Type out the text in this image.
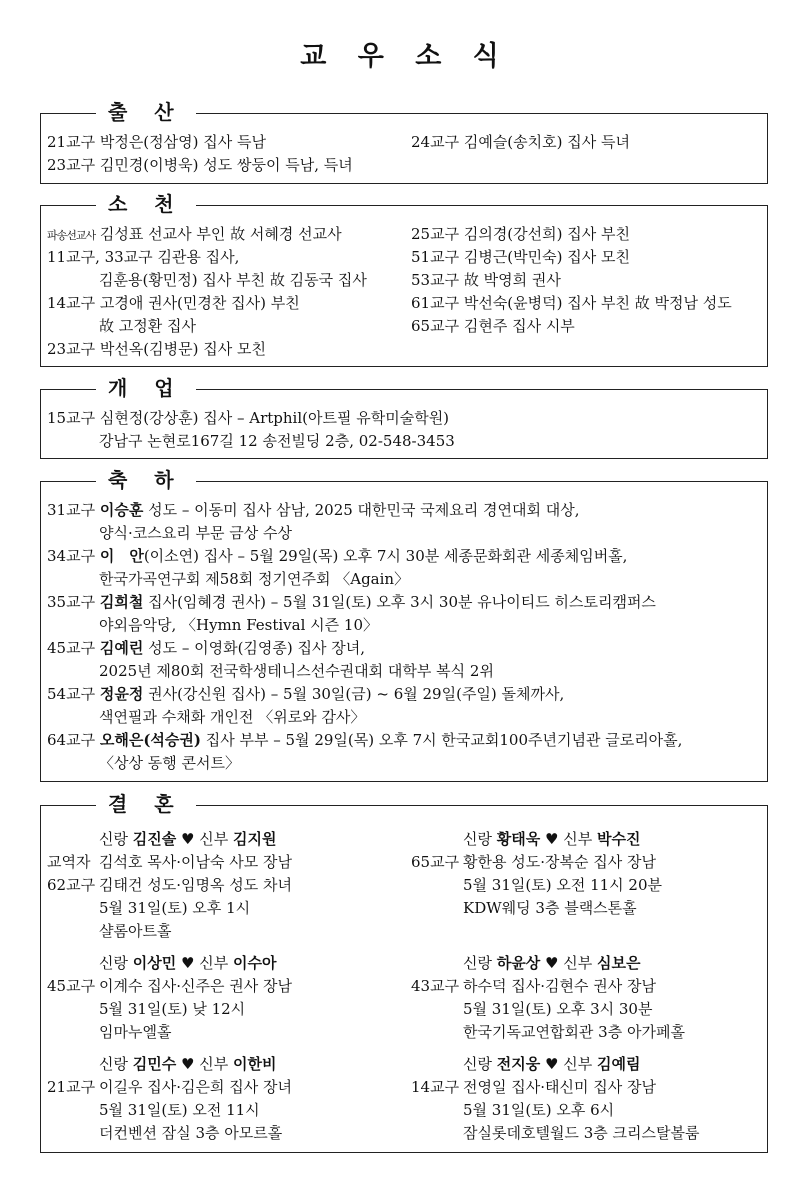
교 우 소 식
출 산
21교구 박정은(정삼영) 집사 득남
23교구 김민경(이병욱) 성도 쌍둥이 득남, 득녀
24교구 김예슬(송치호) 집사 득녀
소 천
파송선교사 김성표 선교사 부인 故 서혜경 선교사
11교구, 33교구 김관용 집사,
김훈용(황민정) 집사 부친 故 김동국 집사
14교구 고경애 권사(민경찬 집사) 부친
故 고정환 집사
23교구 박선옥(김병문) 집사 모친
25교구 김의경(강선희) 집사 부친
51교구 김병근(박민숙) 집사 모친
53교구 故 박영희 권사
61교구 박선숙(윤병덕) 집사 부친 故 박정남 성도
65교구 김현주 집사 시부
개 업
15교구 심현정(강상훈) 집사 – Artphil(아트필 유학미술학원)
강남구 논현로167길 12 송전빌딩 2층, 02-548-3453
축 하
31교구 이승훈 성도 – 이동미 집사 삼남, 2025 대한민국 국제요리 경연대회 대상,
양식·코스요리 부문 금상 수상
34교구 이　안(이소연) 집사 – 5월 29일(목) 오후 7시 30분 세종문화회관 세종체임버홀,
한국가곡연구회 제58회 정기연주회 〈Again〉
35교구 김희철 집사(임혜경 권사) – 5월 31일(토) 오후 3시 30분 유나이티드 히스토리캠퍼스
야외음악당, 〈Hymn Festival 시즌 10〉
45교구 김예린 성도 – 이영화(김영종) 집사 장녀,
2025년 제80회 전국학생테니스선수권대회 대학부 복식 2위
54교구 정윤정 권사(강신원 집사) – 5월 30일(금) ~ 6월 29일(주일) 돌체까사,
색연필과 수채화 개인전 〈위로와 감사〉
64교구 오해은(석승권) 집사 부부 – 5월 29일(목) 오후 7시 한국교회100주년기념관 글로리아홀,
〈상상 동행 콘서트〉
결 혼
신랑 김진솔 ♥ 신부 김지원
교역자 김석호 목사·이남숙 사모 장남
62교구 김태건 성도·임명옥 성도 차녀
5월 31일(토) 오후 1시
샬롬아트홀
신랑 황태욱 ♥ 신부 박수진
65교구 황한용 성도·장복순 집사 장남
5월 31일(토) 오전 11시 20분
KDW웨딩 3층 블랙스톤홀
신랑 이상민 ♥ 신부 이수아
45교구 이계수 집사·신주은 권사 장남
5월 31일(토) 낮 12시
임마누엘홀
신랑 하윤상 ♥ 신부 심보은
43교구 하수덕 집사·김현수 권사 장남
5월 31일(토) 오후 3시 30분
한국기독교연합회관 3층 아가페홀
신랑 김민수 ♥ 신부 이한비
21교구 이길우 집사·김은희 집사 장녀
5월 31일(토) 오전 11시
더컨벤션 잠실 3층 아모르홀
신랑 전지웅 ♥ 신부 김예림
14교구 전영일 집사·태신미 집사 장남
5월 31일(토) 오후 6시
잠실롯데호텔월드 3층 크리스탈볼룸
